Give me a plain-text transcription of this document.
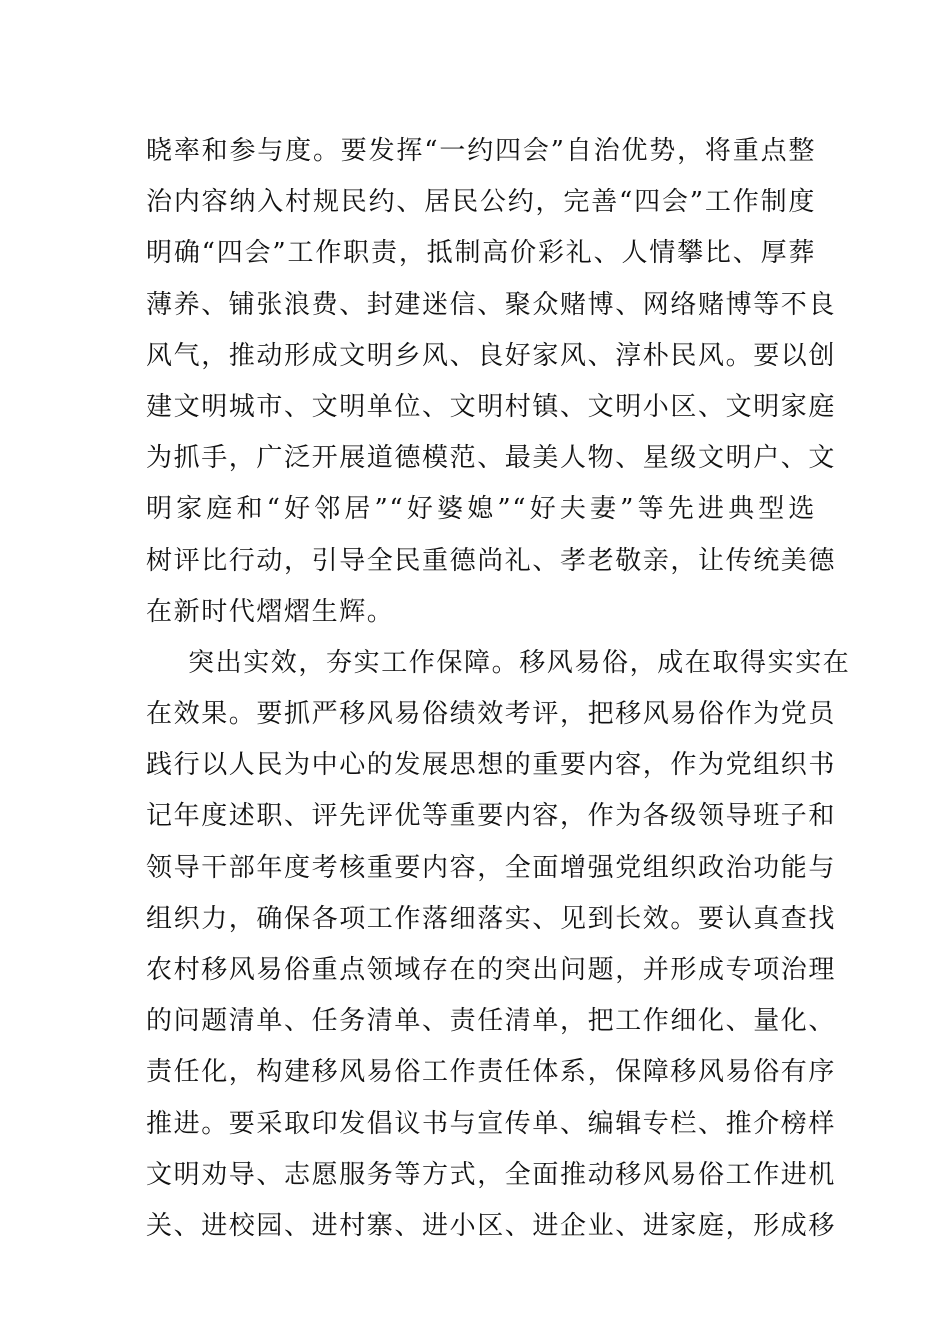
晓率和参与度。要发挥“一约四会”自治优势，将重点整
治内容纳入村规民约、居民公约，完善“四会”工作制度
明确“四会”工作职责，抵制高价彩礼、人情攀比、厚葬
薄养、铺张浪费、封建迷信、聚众赌博、网络赌博等不良
风气，推动形成文明乡风、良好家风、淳朴民风。要以创
建文明城市、文明单位、文明村镇、文明小区、文明家庭
为抓手，广泛开展道德模范、最美人物、星级文明户、文
明家庭和“好邻居”“好婆媳”“好夫妻”等先进典型选
树评比行动，引导全民重德尚礼、孝老敬亲，让传统美德
在新时代熠熠生辉。
突出实效，夯实工作保障。移风易俗，成在取得实实在
在效果。要抓严移风易俗绩效考评，把移风易俗作为党员
践行以人民为中心的发展思想的重要内容，作为党组织书
记年度述职、评先评优等重要内容，作为各级领导班子和
领导干部年度考核重要内容，全面增强党组织政治功能与
组织力，确保各项工作落细落实、见到长效。要认真查找
农村移风易俗重点领域存在的突出问题，并形成专项治理
的问题清单、任务清单、责任清单，把工作细化、量化、
责任化，构建移风易俗工作责任体系，保障移风易俗有序
推进。要采取印发倡议书与宣传单、编辑专栏、推介榜样
文明劝导、志愿服务等方式，全面推动移风易俗工作进机
关、进校园、进村寨、进小区、进企业、进家庭，形成移
